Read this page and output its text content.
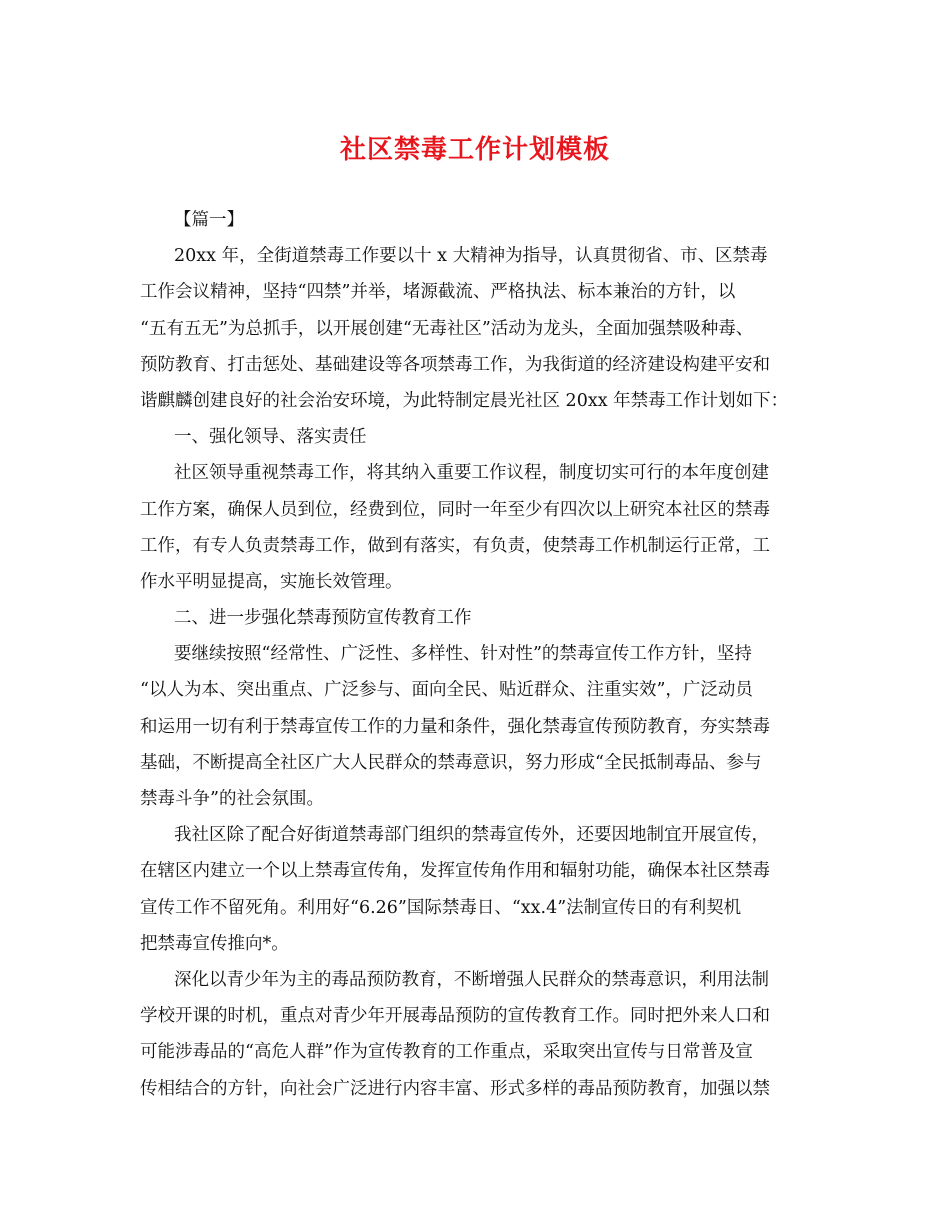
社区禁毒工作计划模板
【篇一】
20xx 年，全街道禁毒工作要以十 x 大精神为指导，认真贯彻省、市、区禁毒
工作会议精神，坚持“四禁”并举，堵源截流、严格执法、标本兼治的方针，以
“五有五无”为总抓手，以开展创建“无毒社区”活动为龙头，全面加强禁吸种毒、
预防教育、打击惩处、基础建设等各项禁毒工作，为我街道的经济建设构建平安和
谐麒麟创建良好的社会治安环境，为此特制定晨光社区 20xx 年禁毒工作计划如下：
一、强化领导、落实责任
社区领导重视禁毒工作，将其纳入重要工作议程，制度切实可行的本年度创建
工作方案，确保人员到位，经费到位，同时一年至少有四次以上研究本社区的禁毒
工作，有专人负责禁毒工作，做到有落实，有负责，使禁毒工作机制运行正常，工
作水平明显提高，实施长效管理。
二、进一步强化禁毒预防宣传教育工作
要继续按照“经常性、广泛性、多样性、针对性”的禁毒宣传工作方针，坚持
“以人为本、突出重点、广泛参与、面向全民、贴近群众、注重实效”，广泛动员
和运用一切有利于禁毒宣传工作的力量和条件，强化禁毒宣传预防教育，夯实禁毒
基础，不断提高全社区广大人民群众的禁毒意识，努力形成“全民抵制毒品、参与
禁毒斗争”的社会氛围。
我社区除了配合好街道禁毒部门组织的禁毒宣传外，还要因地制宜开展宣传，
在辖区内建立一个以上禁毒宣传角，发挥宣传角作用和辐射功能，确保本社区禁毒
宣传工作不留死角。利用好“6.26”国际禁毒日、“xx.4”法制宣传日的有利契机
把禁毒宣传推向*。
深化以青少年为主的毒品预防教育，不断增强人民群众的禁毒意识，利用法制
学校开课的时机，重点对青少年开展毒品预防的宣传教育工作。同时把外来人口和
可能涉毒品的“高危人群”作为宣传教育的工作重点，采取突出宣传与日常普及宣
传相结合的方针，向社会广泛进行内容丰富、形式多样的毒品预防教育，加强以禁
